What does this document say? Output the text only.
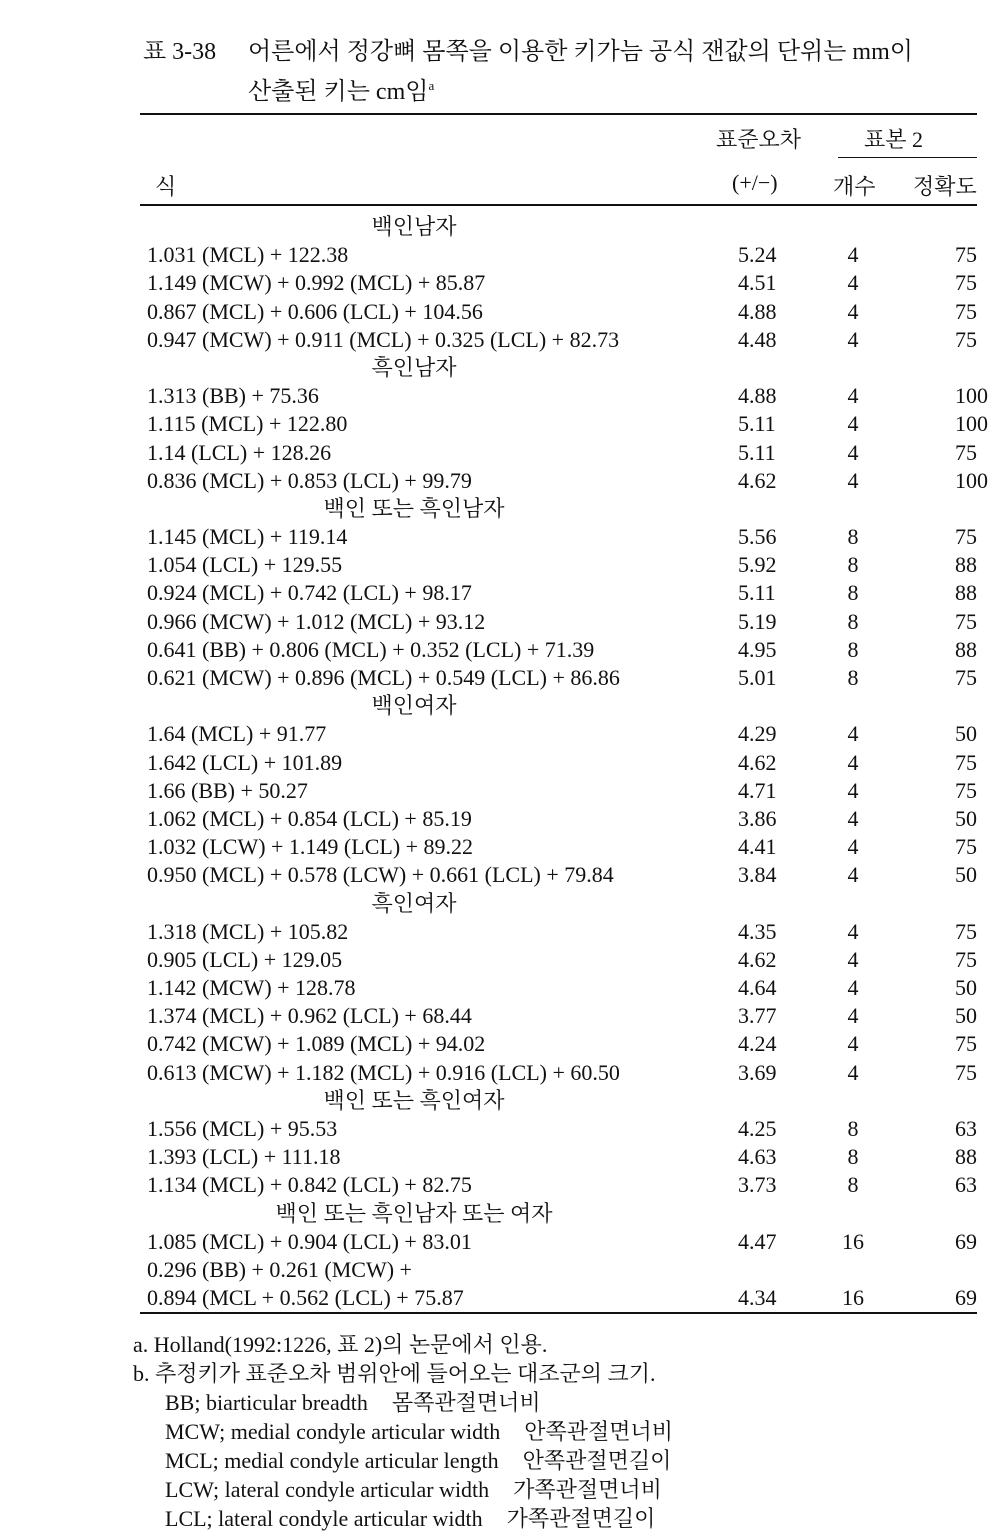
표 3-38 어른에서 정강뼈 몸쪽을 이용한 키가늠 공식 잰값의 단위는 mm이
산출된 키는 cm임$^a$
표준오차	표본 2
식	(+/−)	개수 정확도
백인남자
1.031 (MCL) + 122.38	5.24	4	75
1.149 (MCW) + 0.992 (MCL) + 85.87	4.51	4	75
0.867 (MCL) + 0.606 (LCL) + 104.56	4.88	4	75
0.947 (MCW) + 0.911 (MCL) + 0.325 (LCL) + 82.73	4.48	4	75
흑인남자
1.313 (BB) + 75.36	4.88	4	100
1.115 (MCL) + 122.80	5.11	4	100
1.14 (LCL) + 128.26	5.11	4	75
0.836 (MCL) + 0.853 (LCL) + 99.79	4.62	4	100
백인 또는 흑인남자
1.145 (MCL) + 119.14	5.56	8	75
1.054 (LCL) + 129.55	5.92	8	88
0.924 (MCL) + 0.742 (LCL) + 98.17	5.11	8	88
0.966 (MCW) + 1.012 (MCL) + 93.12	5.19	8	75
0.641 (BB) + 0.806 (MCL) + 0.352 (LCL) + 71.39	4.95	8	88
0.621 (MCW) + 0.896 (MCL) + 0.549 (LCL) + 86.86	5.01	8	75
백인여자
1.64 (MCL) + 91.77	4.29	4	50
1.642 (LCL) + 101.89	4.62	4	75
1.66 (BB) + 50.27	4.71	4	75
1.062 (MCL) + 0.854 (LCL) + 85.19	3.86	4	50
1.032 (LCW) + 1.149 (LCL) + 89.22	4.41	4	75
0.950 (MCL) + 0.578 (LCW) + 0.661 (LCL) + 79.84	3.84	4	50
흑인여자
1.318 (MCL) + 105.82	4.35	4	75
0.905 (LCL) + 129.05	4.62	4	75
1.142 (MCW) + 128.78	4.64	4	50
1.374 (MCL) + 0.962 (LCL) + 68.44	3.77	4	50
0.742 (MCW) + 1.089 (MCL) + 94.02	4.24	4	75
0.613 (MCW) + 1.182 (MCL) + 0.916 (LCL) + 60.50	3.69	4	75
백인 또는 흑인여자
1.556 (MCL) + 95.53	4.25	8	63
1.393 (LCL) + 111.18	4.63	8	88
1.134 (MCL) + 0.842 (LCL) + 82.75	3.73	8	63
백인 또는 흑인남자 또는 여자
1.085 (MCL) + 0.904 (LCL) + 83.01	4.47	16	69
0.296 (BB) + 0.261 (MCW) +
0.894 (MCL + 0.562 (LCL) + 75.87	4.34	16	69
a. Holland(1992:1226, 표 2)의 논문에서 인용.
b. 추정키가 표준오차 범위안에 들어오는 대조군의 크기.
BB; biarticular breadth 몸쪽관절면너비
MCW; medial condyle articular width 안쪽관절면너비
MCL; medial condyle articular length 안쪽관절면길이
LCW; lateral condyle articular width 가쪽관절면너비
LCL; lateral condyle articular width 가쪽관절면길이
